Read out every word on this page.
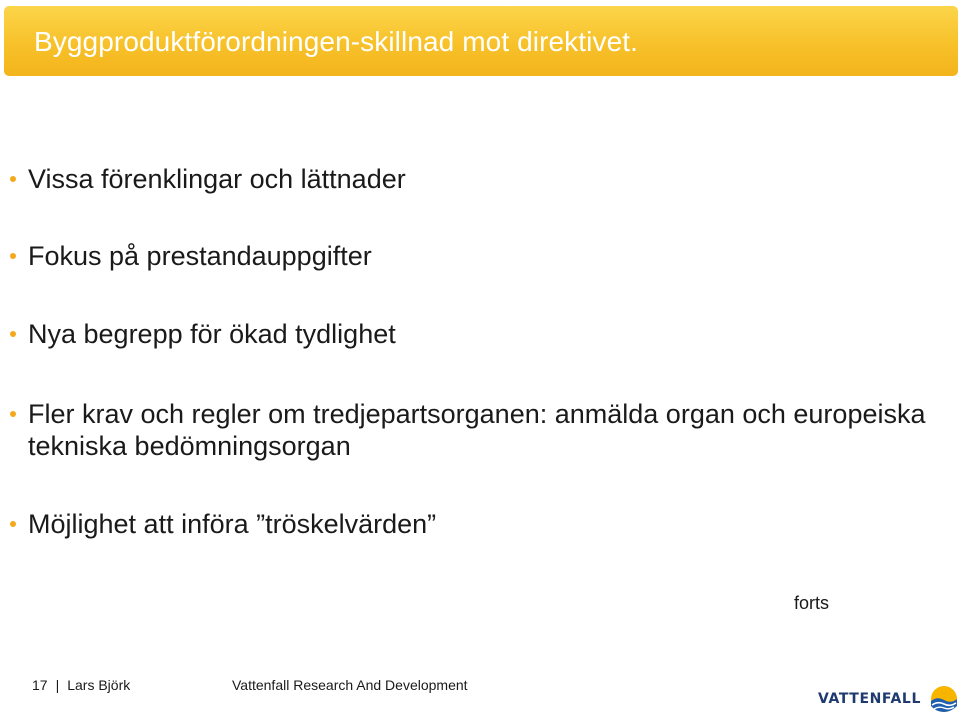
Byggproduktförordningen-skillnad mot direktivet.
Vissa förenklingar och lättnader
Fokus på prestandauppgifter
Nya begrepp för ökad tydlighet
Fler krav och regler om tredjepartsorganen: anmälda organ och europeiska tekniska bedömningsorgan
Möjlighet att införa ”tröskelvärden”
forts
17 | Lars Björk	Vattenfall Research And Development
VATTENFALL
